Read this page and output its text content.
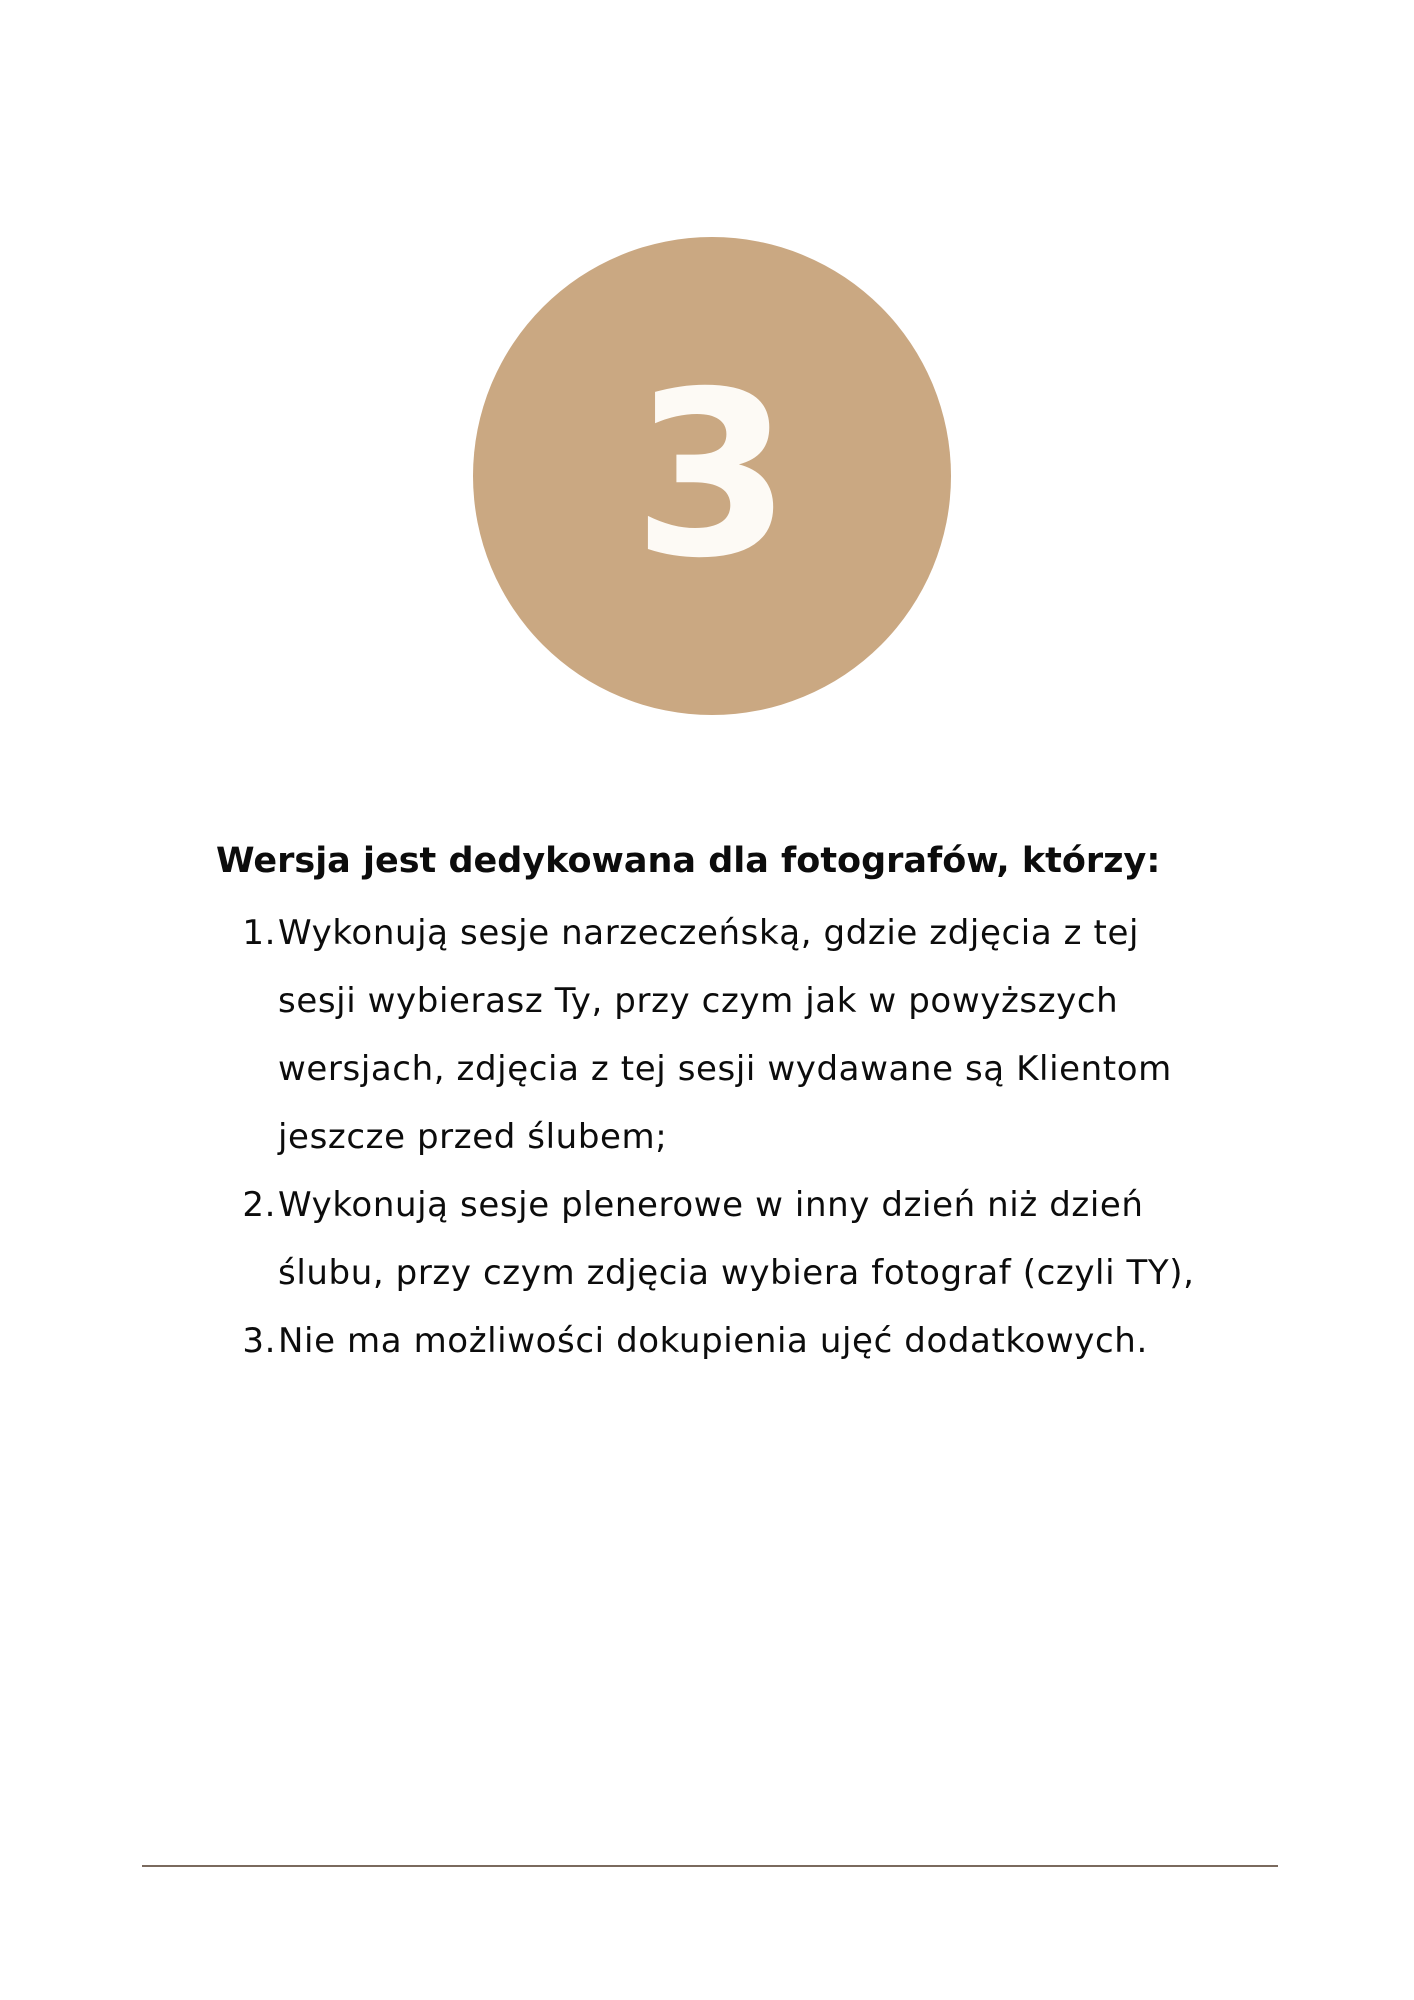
3

Wersja jest dedykowana dla fotografów, którzy:

1. Wykonują sesje narzeczeńską, gdzie zdjęcia z tej sesji wybierasz Ty, przy czym jak w powyższych wersjach, zdjęcia z tej sesji wydawane są Klientom jeszcze przed ślubem;
2. Wykonują sesje plenerowe w inny dzień niż dzień ślubu, przy czym zdjęcia wybiera fotograf (czyli TY),
3. Nie ma możliwości dokupienia ujęć dodatkowych.
